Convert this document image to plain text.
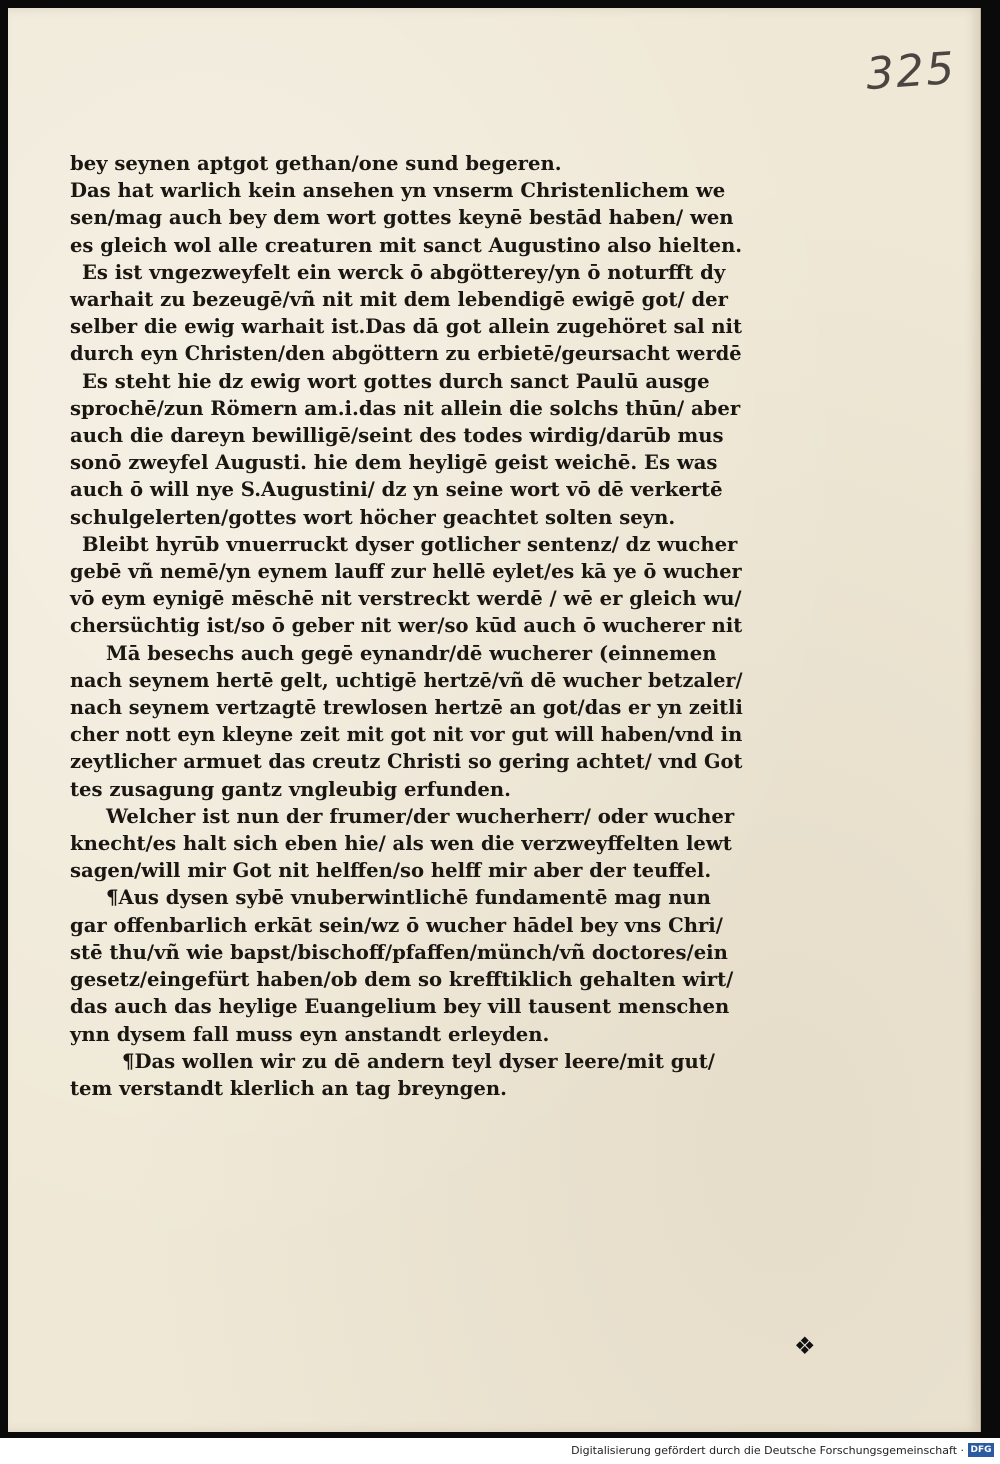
325
bey seynen aptgot gethan/one sund begeren.
Das hat warlich kein ansehen yn vnserm Christenlichem we
sen/mag auch bey dem wort gottes keynē bestād haben/ wen
es gleich wol alle creaturen mit sanct Augustino also hielten.
Es ist vngezweyfelt ein werck ō abgötterey/yn ō noturfft dy
warhait zu bezeugē/vñ nit mit dem lebendigē ewigē got/ der
selber die ewig warhait ist.Das dā got allein zugehöret sal nit
durch eyn Christen/den abgöttern zu erbietē/geursacht werdē
Es steht hie dz ewig wort gottes durch sanct Paulū ausge
sprochē/zun Römern am.i.das nit allein die solchs thūn/ aber
auch die dareyn bewilligē/seint des todes wirdig/darūb mus
sonō zweyfel Augusti. hie dem heyligē geist weichē. Es was
auch ō will nye S.Augustini/ dz yn seine wort vō dē verkertē
schulgelerten/gottes wort höcher geachtet solten seyn.
Bleibt hyrūb vnuerruckt dyser gotlicher sentenz/ dz wucher
gebē vñ nemē/yn eynem lauff zur hellē eylet/es kā ye ō wucher
vō eym eynigē mēschē nit verstreckt werdē / wē er gleich wu/
chersüchtig ist/so ō geber nit wer/so kūd auch ō wucherer nit
Mā besechs auch gegē eynandr/dē wucherer (einnemen
nach seynem hertē gelt, uchtigē hertzē/vñ dē wucher betzaler/
nach seynem vertzagtē trewlosen hertzē an got/das er yn zeitli
cher nott eyn kleyne zeit mit got nit vor gut will haben/vnd in
zeytlicher armuet das creutz Christi so gering achtet/ vnd Got
tes zusagung gantz vngleubig erfunden.
Welcher ist nun der frumer/der wucherherr/ oder wucher
knecht/es halt sich eben hie/ als wen die verzweyffelten lewt
sagen/will mir Got nit helffen/so helff mir aber der teuffel.
¶Aus dysen sybē vnuberwintlichē fundamentē mag nun
gar offenbarlich erkāt sein/wz ō wucher hādel bey vns Chri/
stē thu/vñ wie bapst/bischoff/pfaffen/münch/vñ doctores/ein
gesetz/eingefürt haben/ob dem so krefftiklich gehalten wirt/
das auch das heylige Euangelium bey vill tausent menschen
ynn dysem fall muss eyn anstandt erleyden.
¶Das wollen wir zu dē andern teyl dyser leere/mit gut/
tem verstandt klerlich an tag breyngen.
❖
Digitalisierung gefördert durch die Deutsche Forschungsgemeinschaft · DFG
